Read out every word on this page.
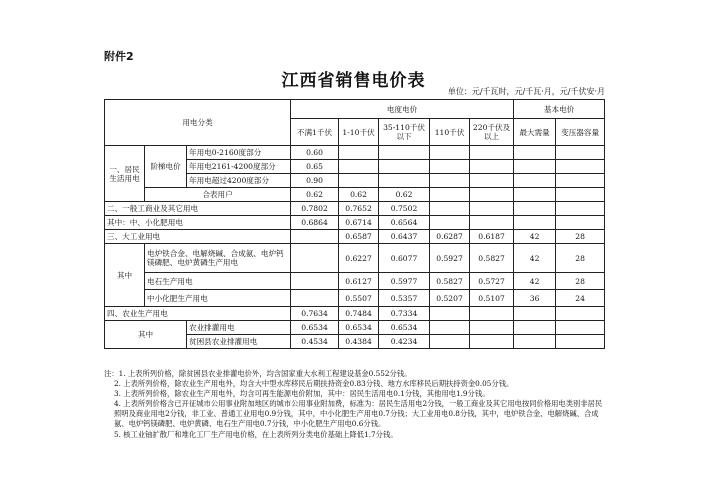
附件2
江西省销售电价表
单位：元/千瓦时，元/千瓦·月，元/千伏安·月
用电分类			电度电价					基本电价	
			不满1千伏	1-10千伏	35-110千伏以下	110千伏	220千伏及以上	最大需量	变压器容量
一、居民生活用电	阶梯电价	年用电0-2160度部分	0.60						
		年用电2161-4200度部分	0.65						
		年用电超过4200度部分	0.90						
	合表用户		0.62	0.62	0.62				
二、一般工商业及其它用电			0.7802	0.7652	0.7502				
其中：中、小化肥用电			0.6864	0.6714	0.6564				
三、大工业用电				0.6587	0.6437	0.6287	0.6187	42	28
其中	电炉铁合金、电解烧碱、合成氨、电炉钙镁磷肥、电炉黄磷生产用电			0.6227	0.6077	0.5927	0.5827	42	28
	电石生产用电			0.6127	0.5977	0.5827	0.5727	42	28
	中小化肥生产用电			0.5507	0.5357	0.5207	0.5107	36	24
四、农业生产用电			0.7634	0.7484	0.7334				
其中		农业排灌用电	0.6534	0.6534	0.6534				
		贫困县农业排灌用电	0.4534	0.4384	0.4234				
注：1. 上表所列价格，除贫困县农业排灌电价外，均含国家重大水利工程建设基金0.552分钱。
2. 上表所列价格，除农业生产用电外，均含大中型水库移民后期扶持资金0.83分钱、地方水库移民后期扶持资金0.05分钱。
3. 上表所列价格，除农业生产用电外，均含可再生能源电价附加，其中：居民生活用电0.1分钱，其他用电1.9分钱。
4. 上表所列价格含已开征城市公用事业附加地区的城市公用事业附加费，标准为：居民生活用电2分钱，一般工商业及其它用电按同价格用电类别非居民照明及商业用电2分钱，非工业、普通工业用电0.9分钱，其中，中小化肥生产用电0.7分钱；大工业用电0.8分钱，其中，电炉铁合金、电解烧碱、合成氨、电炉钙镁磷肥、电炉黄磷、电石生产用电0.7分钱，中小化肥生产用电0.6分钱。
5. 核工业铀扩散厂和堆化工厂生产用电价格，在上表所列分类电价基础上降低1.7分钱。
